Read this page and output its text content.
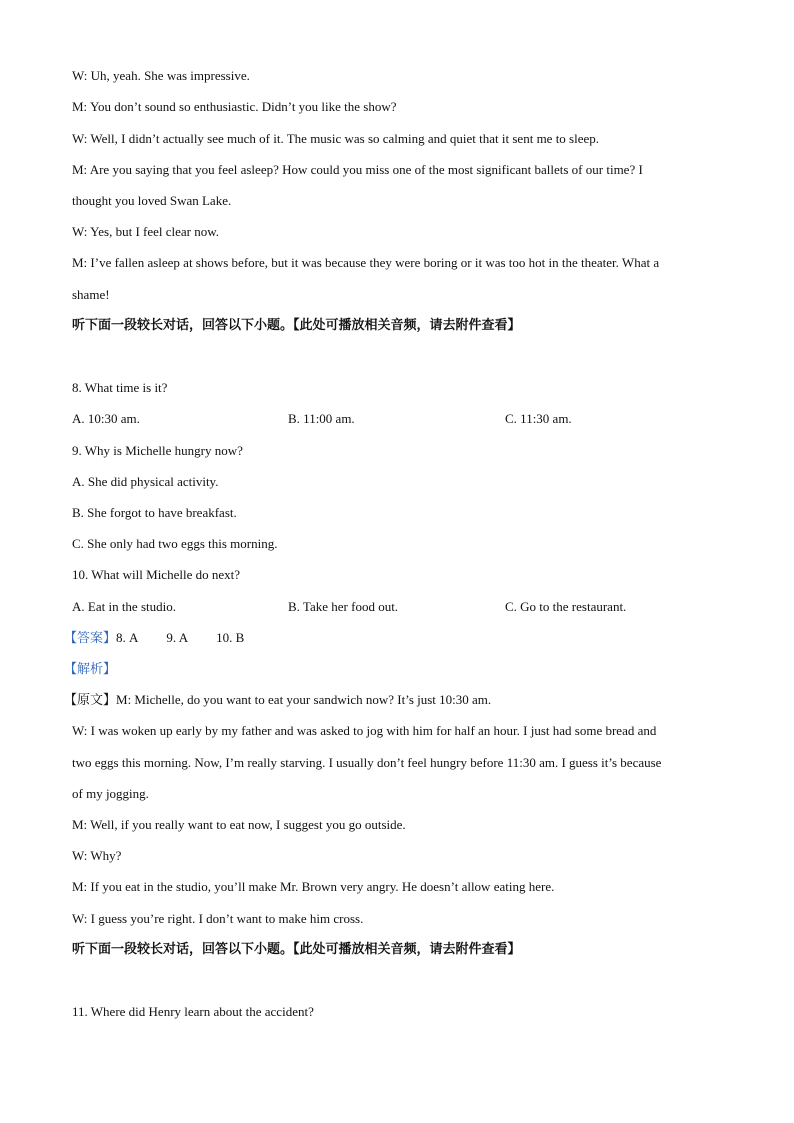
W: Uh, yeah. She was impressive.
M: You don’t sound so enthusiastic. Didn’t you like the show?
W: Well, I didn’t actually see much of it. The music was so calming and quiet that it sent me to sleep.
M: Are you saying that you feel asleep? How could you miss one of the most significant ballets of our time? I
thought you loved Swan Lake.
W: Yes, but I feel clear now.
M: I’ve fallen asleep at shows before, but it was because they were boring or it was too hot in the theater. What a
shame!
听下面一段较长对话，回答以下小题。【此处可播放相关音频，请去附件查看】
8. What time is it?
A. 10:30 am.	B. 11:00 am.	C. 11:30 am.
9. Why is Michelle hungry now?
A. She did physical activity.
B. She forgot to have breakfast.
C. She only had two eggs this morning.
10. What will Michelle do next?
A. Eat in the studio.	B. Take her food out.	C. Go to the restaurant.
【答案】8. A 9. A 10. B
【解析】
【原文】M: Michelle, do you want to eat your sandwich now? It’s just 10:30 am.
W: I was woken up early by my father and was asked to jog with him for half an hour. I just had some bread and
two eggs this morning. Now, I’m really starving. I usually don’t feel hungry before 11:30 am. I guess it’s because
of my jogging.
M: Well, if you really want to eat now, I suggest you go outside.
W: Why?
M: If you eat in the studio, you’ll make Mr. Brown very angry. He doesn’t allow eating here.
W: I guess you’re right. I don’t want to make him cross.
听下面一段较长对话，回答以下小题。【此处可播放相关音频，请去附件查看】
11. Where did Henry learn about the accident?
